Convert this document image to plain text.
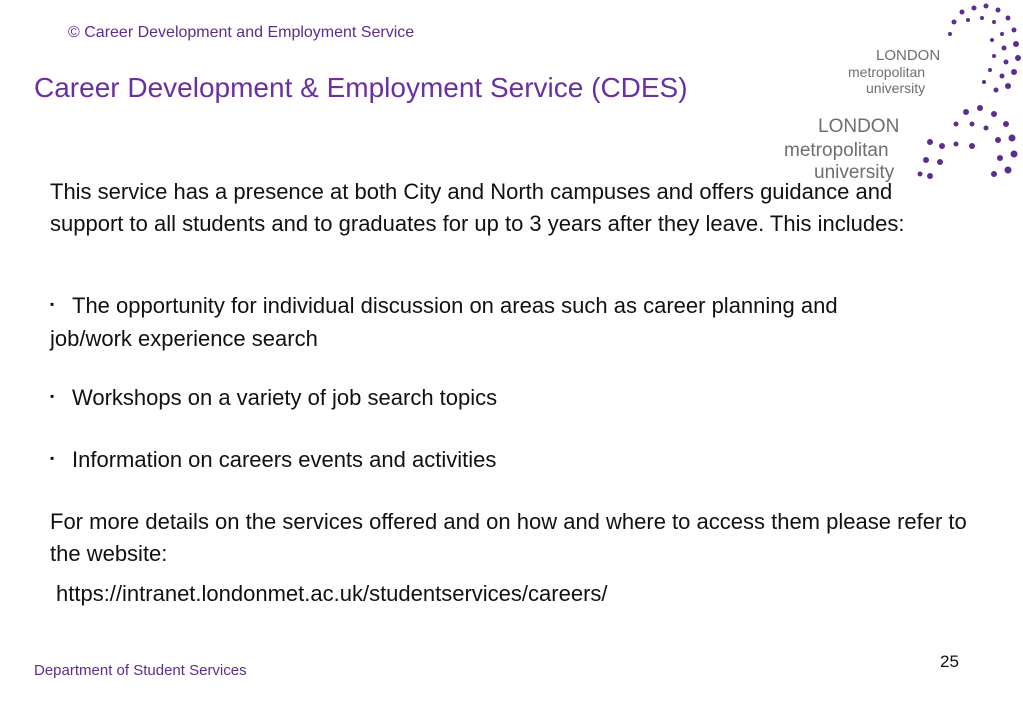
© Career Development and Employment Service
Career Development & Employment Service (CDES)
LONDON
metropolitan
university
LONDON
metropolitan
university

This service has a presence at both City and North campuses and offers guidance and support to all students and to graduates for up to 3 years after they leave. This includes:

▪ The opportunity for individual discussion on areas such as career planning and job/work experience search
▪ Workshops on a variety of job search topics
▪ Information on careers events and activities

For more details on the services offered and on how and where to access them please refer to the website:

https://intranet.londonmet.ac.uk/studentservices/careers/
Department of Student Services	25
